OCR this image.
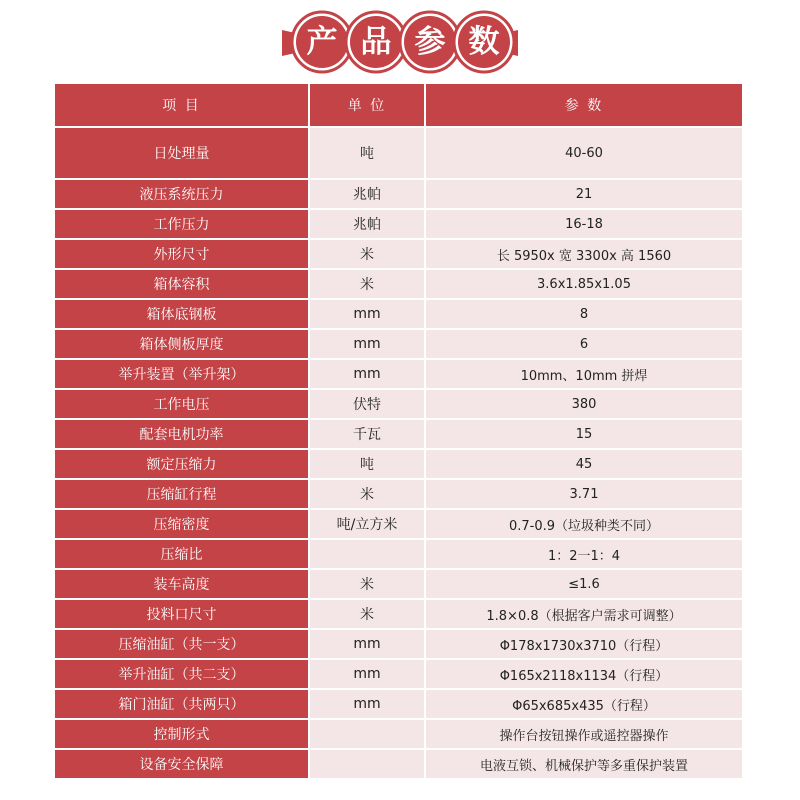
产 品 参 数
项 目	单 位	参 数
日处理量	吨	40-60
液压系统压力	兆帕	21
工作压力	兆帕	16-18
外形尺寸	米	长 5950x 宽 3300x 高 1560
箱体容积	米	3.6x1.85x1.05
箱体底钢板	mm	8
箱体侧板厚度	mm	6
举升装置（举升架）	mm	10mm、10mm 拼焊
工作电压	伏特	380
配套电机功率	千瓦	15
额定压缩力	吨	45
压缩缸行程	米	3.71
压缩密度	吨/立方米	0.7-0.9（垃圾种类不同）
压缩比		1：2一1：4
装车高度	米	≤1.6
投料口尺寸	米	1.8×0.8（根据客户需求可调整）
压缩油缸（共一支）	mm	Φ178x1730x3710（行程）
举升油缸（共二支）	mm	Φ165x2118x1134（行程）
箱门油缸（共两只）	mm	Φ65x685x435（行程）
控制形式		操作台按钮操作或遥控器操作
设备安全保障		电液互锁、机械保护等多重保护装置
